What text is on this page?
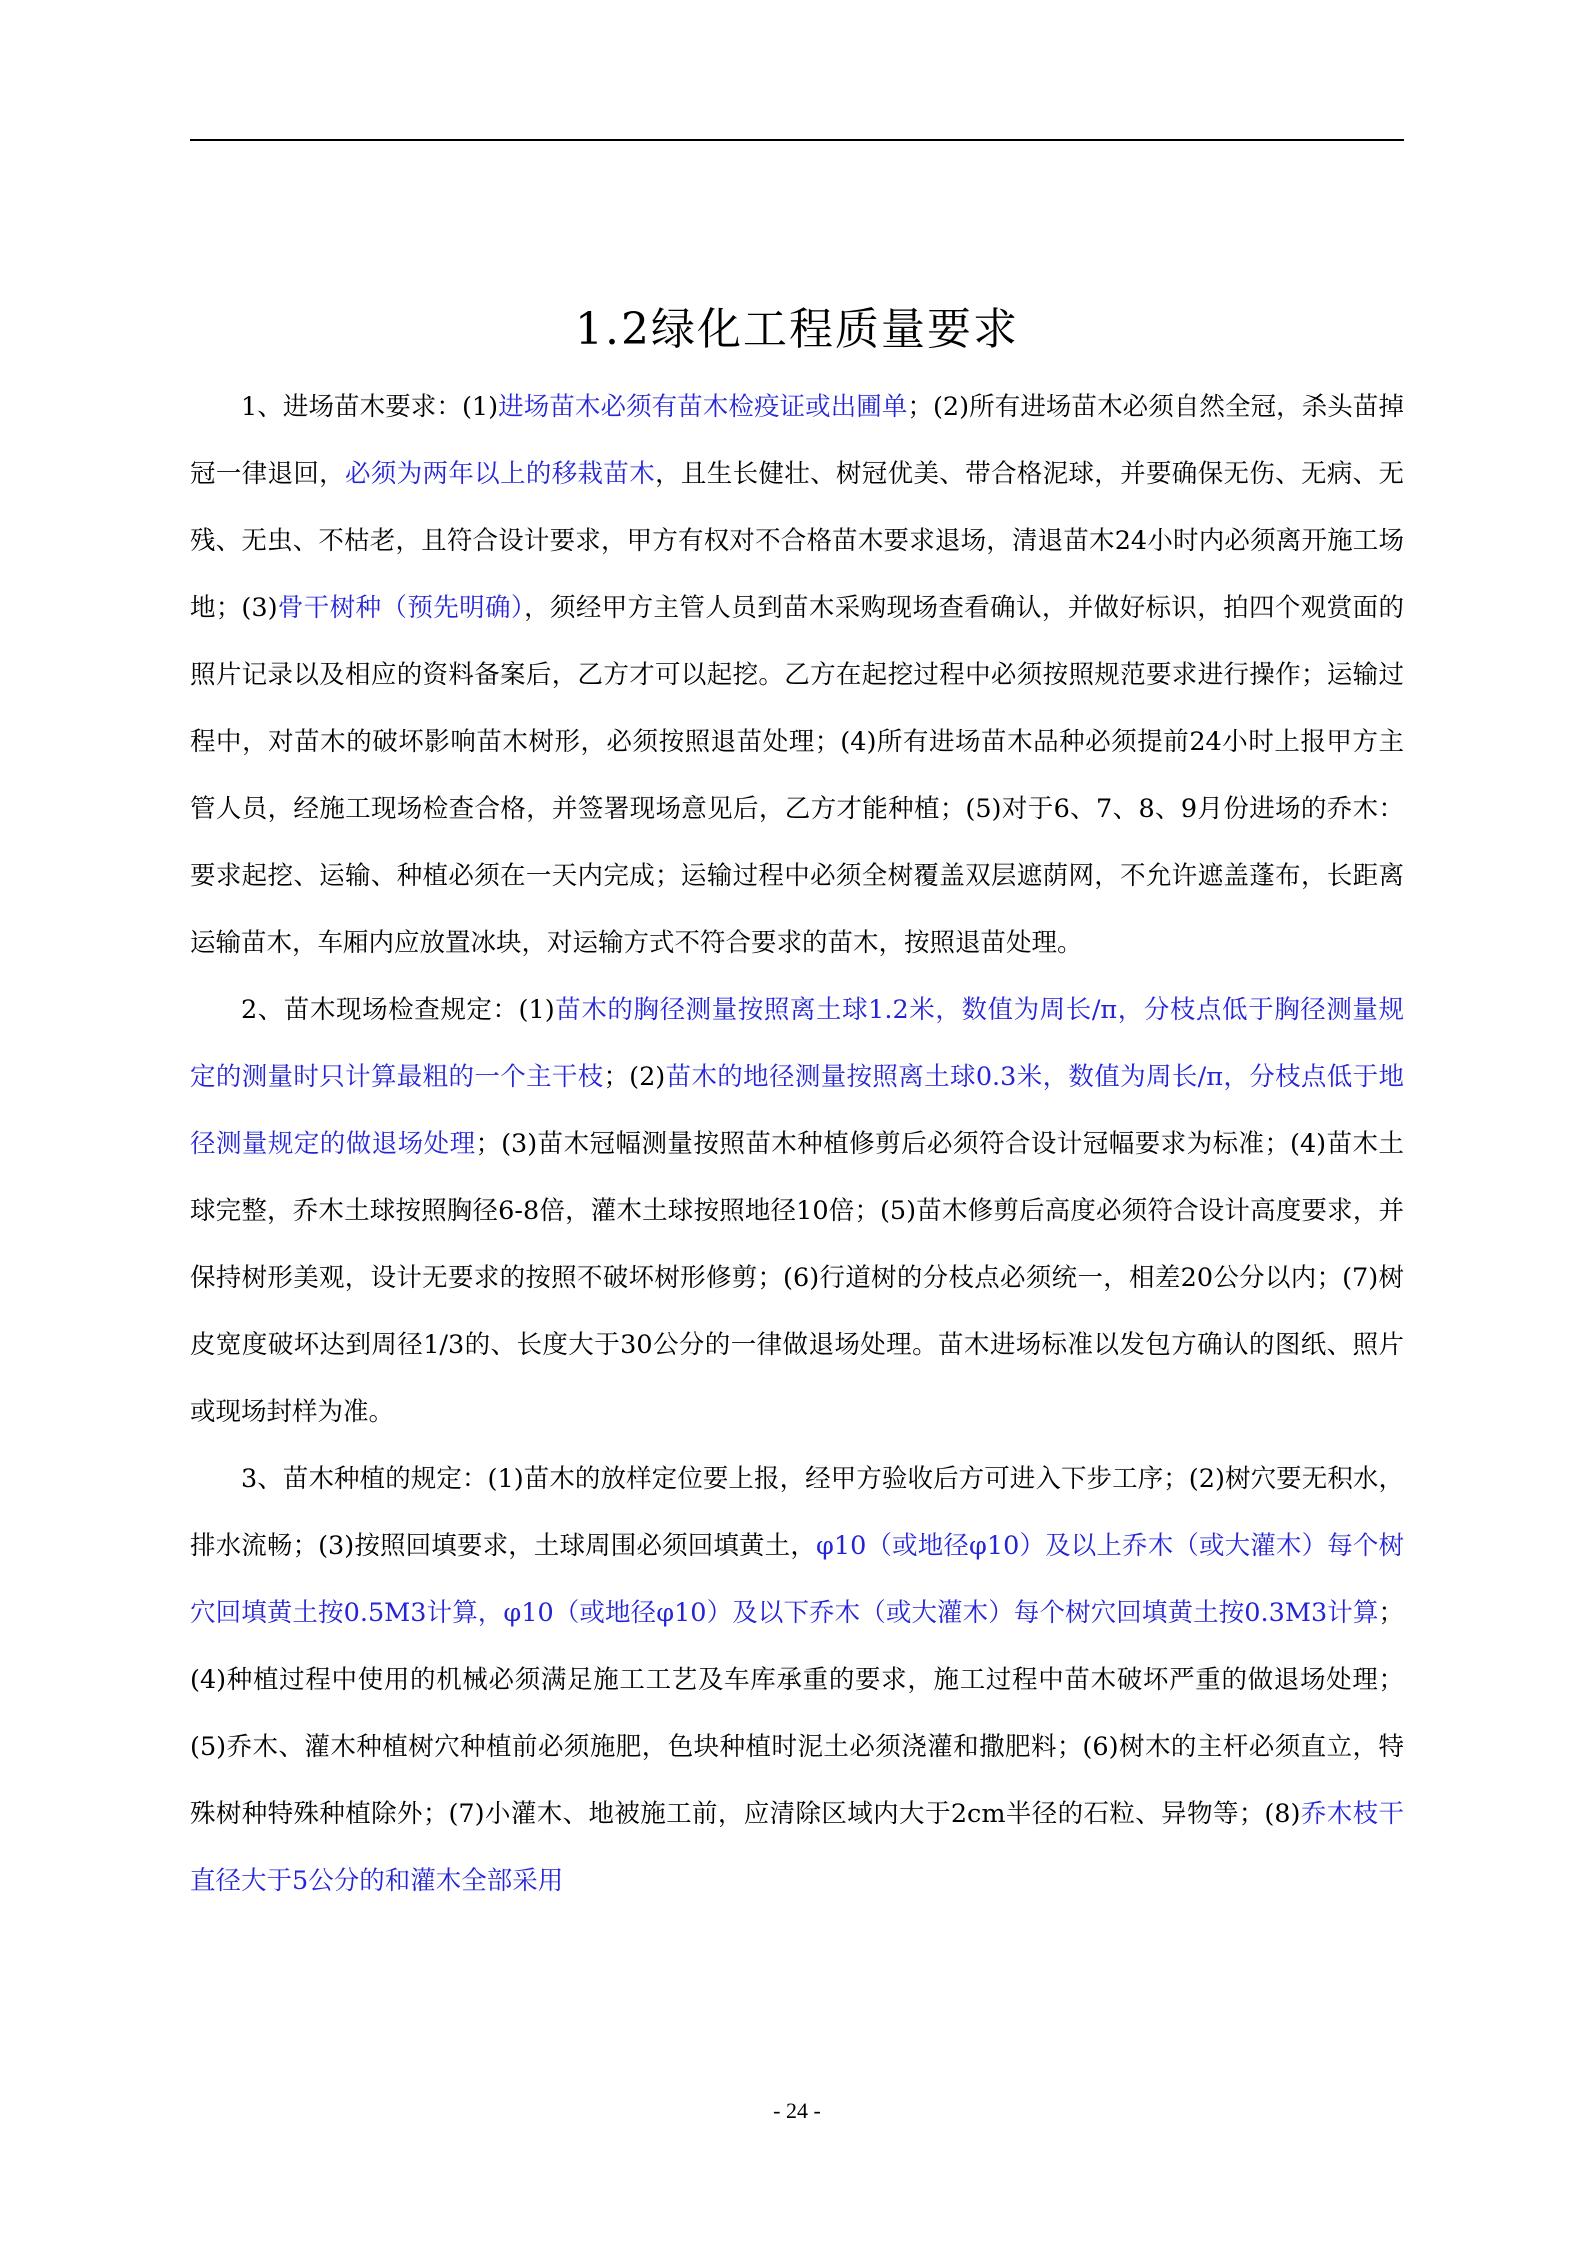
1.2绿化工程质量要求

1、进场苗木要求：(1)进场苗木必须有苗木检疫证或出圃单；(2)所有进场苗木必须自然全冠，杀头苗掉冠一律退回，必须为两年以上的移栽苗木，且生长健壮、树冠优美、带合格泥球，并要确保无伤、无病、无残、无虫、不枯老，且符合设计要求，甲方有权对不合格苗木要求退场，清退苗木24小时内必须离开施工场地；(3)骨干树种（预先明确），须经甲方主管人员到苗木采购现场查看确认，并做好标识，拍四个观赏面的照片记录以及相应的资料备案后，乙方才可以起挖。乙方在起挖过程中必须按照规范要求进行操作；运输过程中，对苗木的破坏影响苗木树形，必须按照退苗处理；(4)所有进场苗木品种必须提前24小时上报甲方主管人员，经施工现场检查合格，并签署现场意见后，乙方才能种植；(5)对于6、7、8、9月份进场的乔木：要求起挖、运输、种植必须在一天内完成；运输过程中必须全树覆盖双层遮荫网，不允许遮盖蓬布，长距离运输苗木，车厢内应放置冰块，对运输方式不符合要求的苗木，按照退苗处理。

2、苗木现场检查规定：(1)苗木的胸径测量按照离土球1.2米，数值为周长/π，分枝点低于胸径测量规定的测量时只计算最粗的一个主干枝；(2)苗木的地径测量按照离土球0.3米，数值为周长/π，分枝点低于地径测量规定的做退场处理；(3)苗木冠幅测量按照苗木种植修剪后必须符合设计冠幅要求为标准；(4)苗木土球完整，乔木土球按照胸径6-8倍，灌木土球按照地径10倍；(5)苗木修剪后高度必须符合设计高度要求，并保持树形美观，设计无要求的按照不破坏树形修剪；(6)行道树的分枝点必须统一，相差20公分以内；(7)树皮宽度破坏达到周径1/3的、长度大于30公分的一律做退场处理。苗木进场标准以发包方确认的图纸、照片或现场封样为准。

3、苗木种植的规定：(1)苗木的放样定位要上报，经甲方验收后方可进入下步工序；(2)树穴要无积水，排水流畅；(3)按照回填要求，土球周围必须回填黄土，φ10（或地径φ10）及以上乔木（或大灌木）每个树穴回填黄土按0.5M3计算，φ10（或地径φ10）及以下乔木（或大灌木）每个树穴回填黄土按0.3M3计算；(4)种植过程中使用的机械必须满足施工工艺及车库承重的要求，施工过程中苗木破坏严重的做退场处理；(5)乔木、灌木种植树穴种植前必须施肥，色块种植时泥土必须浇灌和撒肥料；(6)树木的主杆必须直立，特殊树种特殊种植除外；(7)小灌木、地被施工前，应清除区域内大于2cm半径的石粒、异物等；(8)乔木枝干直径大于5公分的和灌木全部采用

- 24 -
